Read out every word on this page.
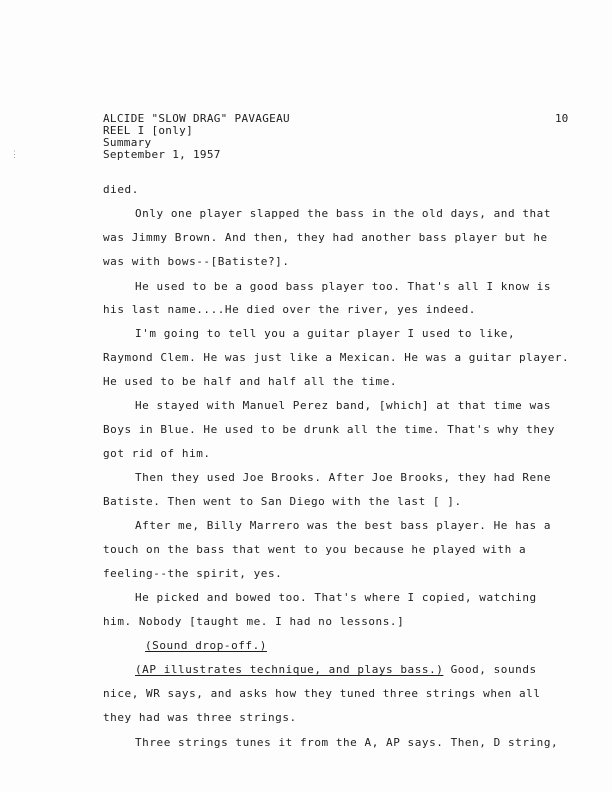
⋮
ALCIDE "SLOW DRAG" PAVAGEAU	10
REEL I [only]
Summary
September 1, 1957
died.
Only one player slapped the bass in the old days, and that
was Jimmy Brown. And then, they had another bass player but he
was with bows--[Batiste?].
He used to be a good bass player too. That's all I know is
his last name....He died over the river, yes indeed.
I'm going to tell you a guitar player I used to like,
Raymond Clem. He was just like a Mexican. He was a guitar player.
He used to be half and half all the time.
He stayed with Manuel Perez band, [which] at that time was
Boys in Blue. He used to be drunk all the time. That's why they
got rid of him.
Then they used Joe Brooks. After Joe Brooks, they had Rene
Batiste. Then went to San Diego with the last [ ].
After me, Billy Marrero was the best bass player. He has a
touch on the bass that went to you because he played with a
feeling--the spirit, yes.
He picked and bowed too. That's where I copied, watching
him. Nobody [taught me. I had no lessons.]
(Sound drop-off.)
(AP illustrates technique, and plays bass.) Good, sounds
nice, WR says, and asks how they tuned three strings when all
they had was three strings.
Three strings tunes it from the A, AP says. Then, D string,
